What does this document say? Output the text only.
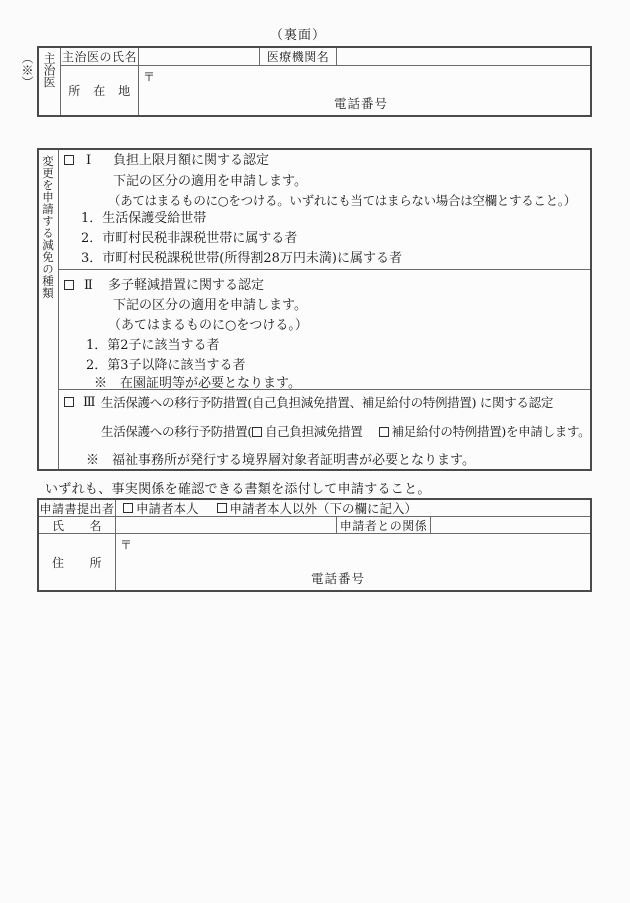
（裏面）
主治医（※）	主治医の氏名	医療機関名
所　在　地
〒
電話番号
変更を申請する減免の種類	Ⅰ 負担上限月額に関する認定
下記の区分の適用を申請します。
（あてはまるものに○をつける。いずれにも当てはまらない場合は空欄とすること。）
1．生活保護受給世帯
2．市町村民税非課税世帯に属する者
3．市町村民税課税世帯(所得割28万円未満)に属する者
Ⅱ 多子軽減措置に関する認定
下記の区分の適用を申請します。
（あてはまるものに○をつける。）
1．第2子に該当する者
2．第3子以降に該当する者
※　在園証明等が必要となります。
Ⅲ 生活保護への移行予防措置(自己負担減免措置、補足給付の特例措置) に関する認定
生活保護への移行予防措置( 自己負担減免措置 補足給付の特例措置)を申請します。
※　福祉事務所が発行する境界層対象者証明書が必要となります。
いずれも、事実関係を確認できる書類を添付して申請すること。
申請書提出者 申請者本人 申請者本人以外（下の欄に記入）
氏　　名	申請者との関係
住　　所
〒
電話番号
